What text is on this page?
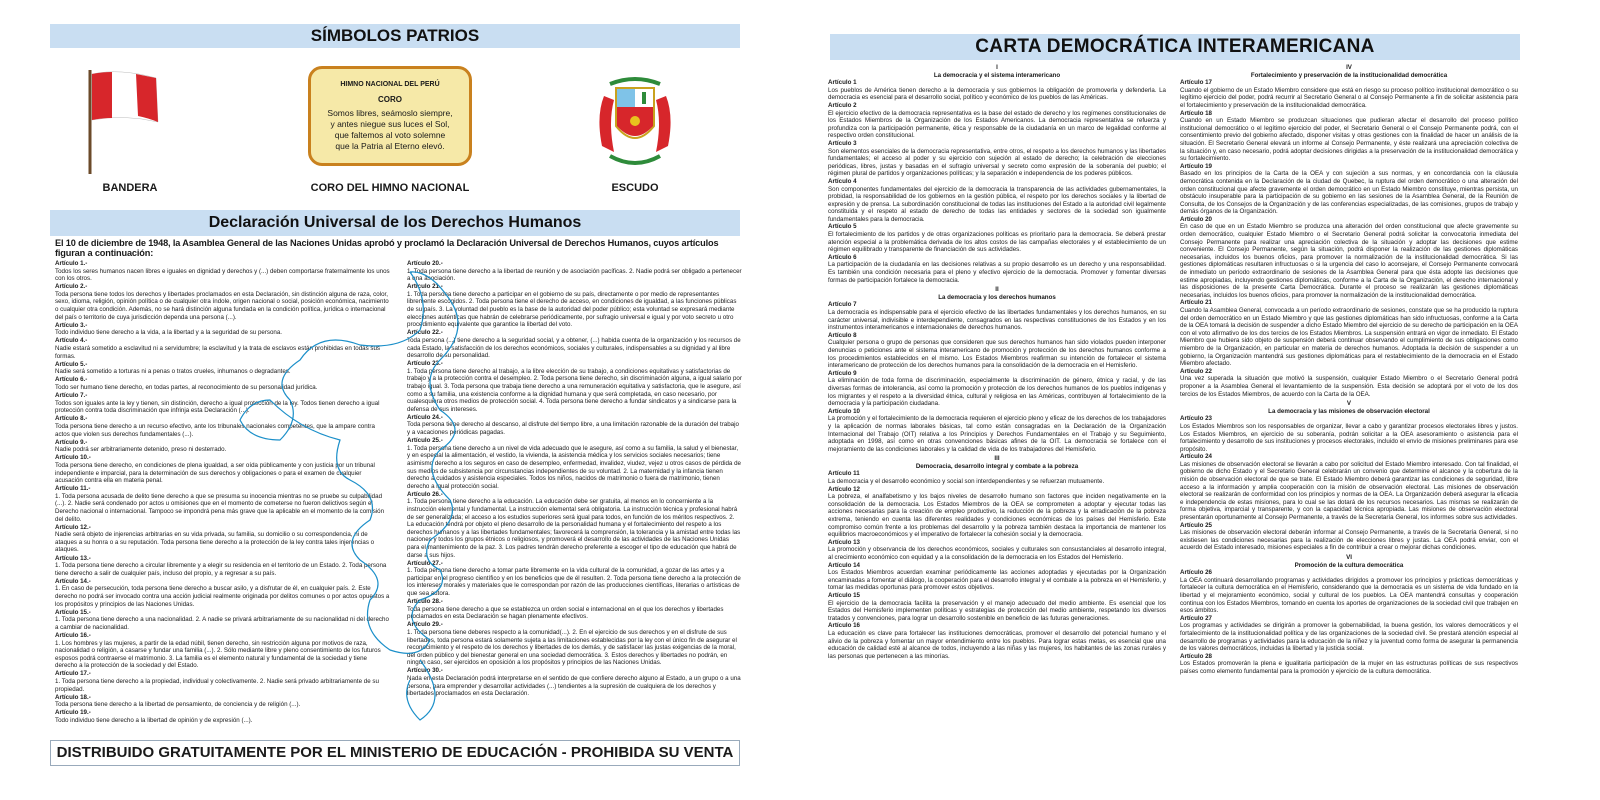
SÍMBOLOS PATRIOS
BANDERA
HIMNO NACIONAL DEL PERÚ
CORO
Somos libres, seámoslo siempre,
y antes niegue sus luces el Sol,
que faltemos al voto solemne
que la Patria al Eterno elevó.
CORO DEL HIMNO NACIONAL	ESCUDO
Declaración Universal de los Derechos Humanos
El 10 de diciembre de 1948, la Asamblea General de las Naciones Unidas aprobó y proclamó la Declaración Universal de Derechos Humanos, cuyos artículos figuran a continuación:
Artículo 1.-
Todos los seres humanos nacen libres e iguales en dignidad y derechos y (...) deben comportarse fraternalmente los unos con los otros.
Artículo 2.-
Toda persona tiene todos los derechos y libertades proclamados en esta Declaración, sin distinción alguna de raza, color, sexo, idioma, religión, opinión política o de cualquier otra índole, origen nacional o social, posición económica, nacimiento o cualquier otra condición. Además, no se hará distinción alguna fundada en la condición política, jurídica o internacional del país o territorio de cuya jurisdicción dependa una persona (...).
Artículo 3.-
Todo individuo tiene derecho a la vida, a la libertad y a la seguridad de su persona.
Artículo 4.-
Nadie estará sometido a esclavitud ni a servidumbre; la esclavitud y la trata de esclavos están prohibidas en todas sus formas.
Artículo 5.-
Nadie será sometido a torturas ni a penas o tratos crueles, inhumanos o degradantes.
Artículo 6.-
Todo ser humano tiene derecho, en todas partes, al reconocimiento de su personalidad jurídica.
Artículo 7.-
Todos son iguales ante la ley y tienen, sin distinción, derecho a igual protección de la ley. Todos tienen derecho a igual protección contra toda discriminación que infrinja esta Declaración (...).
Artículo 8.-
Toda persona tiene derecho a un recurso efectivo, ante los tribunales nacionales competentes, que la ampare contra actos que violen sus derechos fundamentales (...).
Artículo 9.-
Nadie podrá ser arbitrariamente detenido, preso ni desterrado.
Artículo 10.-
Toda persona tiene derecho, en condiciones de plena igualdad, a ser oída públicamente y con justicia por un tribunal independiente e imparcial, para la determinación de sus derechos y obligaciones o para el examen de cualquier acusación contra ella en materia penal.
Artículo 11.-
1. Toda persona acusada de delito tiene derecho a que se presuma su inocencia mientras no se pruebe su culpabilidad (...). 2. Nadie será condenado por actos u omisiones que en el momento de cometerse no fueron delictivos según el Derecho nacional o internacional. Tampoco se impondrá pena más grave que la aplicable en el momento de la comisión del delito.
Artículo 12.-
Nadie será objeto de injerencias arbitrarias en su vida privada, su familia, su domicilio o su correspondencia, ni de ataques a su honra o a su reputación. Toda persona tiene derecho a la protección de la ley contra tales injerencias o ataques.
Artículo 13.-
1. Toda persona tiene derecho a circular libremente y a elegir su residencia en el territorio de un Estado. 2. Toda persona tiene derecho a salir de cualquier país, incluso del propio, y a regresar a su país.
Artículo 14.-
1. En caso de persecución, toda persona tiene derecho a buscar asilo, y a disfrutar de él, en cualquier país. 2. Este derecho no podrá ser invocado contra una acción judicial realmente originada por delitos comunes o por actos opuestos a los propósitos y principios de las Naciones Unidas.
Artículo 15.-
1. Toda persona tiene derecho a una nacionalidad. 2. A nadie se privará arbitrariamente de su nacionalidad ni del derecho a cambiar de nacionalidad.
Artículo 16.-
1. Los hombres y las mujeres, a partir de la edad núbil, tienen derecho, sin restricción alguna por motivos de raza, nacionalidad o religión, a casarse y fundar una familia (...). 2. Sólo mediante libre y pleno consentimiento de los futuros esposos podrá contraerse el matrimonio. 3. La familia es el elemento natural y fundamental de la sociedad y tiene derecho a la protección de la sociedad y del Estado.
Artículo 17.-
1. Toda persona tiene derecho a la propiedad, individual y colectivamente. 2. Nadie será privado arbitrariamente de su propiedad.
Artículo 18.-
Toda persona tiene derecho a la libertad de pensamiento, de conciencia y de religión (...).
Artículo 19.-
Todo individuo tiene derecho a la libertad de opinión y de expresión (...).
Artículo 20.-
1. Toda persona tiene derecho a la libertad de reunión y de asociación pacíficas. 2. Nadie podrá ser obligado a pertenecer a una asociación.
Artículo 21.-
1. Toda persona tiene derecho a participar en el gobierno de su país, directamente o por medio de representantes libremente escogidos. 2. Toda persona tiene el derecho de acceso, en condiciones de igualdad, a las funciones públicas de su país. 3. La voluntad del pueblo es la base de la autoridad del poder público; esta voluntad se expresará mediante elecciones auténticas que habrán de celebrarse periódicamente, por sufragio universal e igual y por voto secreto u otro procedimiento equivalente que garantice la libertad del voto.
Artículo 22.-
Toda persona (...) tiene derecho a la seguridad social, y a obtener, (...) habida cuenta de la organización y los recursos de cada Estado, la satisfacción de los derechos económicos, sociales y culturales, indispensables a su dignidad y al libre desarrollo de su personalidad.
Artículo 23.-
1. Toda persona tiene derecho al trabajo, a la libre elección de su trabajo, a condiciones equitativas y satisfactorias de trabajo y a la protección contra el desempleo. 2. Toda persona tiene derecho, sin discriminación alguna, a igual salario por trabajo igual. 3. Toda persona que trabaja tiene derecho a una remuneración equitativa y satisfactoria, que le asegure, así como a su familia, una existencia conforme a la dignidad humana y que será completada, en caso necesario, por cualesquiera otros medios de protección social. 4. Toda persona tiene derecho a fundar sindicatos y a sindicarse para la defensa de sus intereses.
Artículo 24.-
Toda persona tiene derecho al descanso, al disfrute del tiempo libre, a una limitación razonable de la duración del trabajo y a vacaciones periódicas pagadas.
Artículo 25.-
1. Toda persona tiene derecho a un nivel de vida adecuado que le asegure, así como a su familia, la salud y el bienestar, y en especial la alimentación, el vestido, la vivienda, la asistencia médica y los servicios sociales necesarios; tiene asimismo derecho a los seguros en caso de desempleo, enfermedad, invalidez, viudez, vejez u otros casos de pérdida de sus medios de subsistencia por circunstancias independientes de su voluntad. 2. La maternidad y la infancia tienen derecho a cuidados y asistencia especiales. Todos los niños, nacidos de matrimonio o fuera de matrimonio, tienen derecho a igual protección social.
Artículo 26.-
1. Toda persona tiene derecho a la educación. La educación debe ser gratuita, al menos en lo concerniente a la instrucción elemental y fundamental. La instrucción elemental será obligatoria. La instrucción técnica y profesional habrá de ser generalizada; el acceso a los estudios superiores será igual para todos, en función de los méritos respectivos. 2. La educación tendrá por objeto el pleno desarrollo de la personalidad humana y el fortalecimiento del respeto a los derechos humanos y a las libertades fundamentales; favorecerá la comprensión, la tolerancia y la amistad entre todas las naciones y todos los grupos étnicos o religiosos, y promoverá el desarrollo de las actividades de las Naciones Unidas para el mantenimiento de la paz. 3. Los padres tendrán derecho preferente a escoger el tipo de educación que habrá de darse a sus hijos.
Artículo 27.-
1. Toda persona tiene derecho a tomar parte libremente en la vida cultural de la comunidad, a gozar de las artes y a participar en el progreso científico y en los beneficios que de él resulten. 2. Toda persona tiene derecho a la protección de los intereses morales y materiales que le correspondan por razón de las producciones científicas, literarias o artísticas de que sea autora.
Artículo 28.-
Toda persona tiene derecho a que se establezca un orden social e internacional en el que los derechos y libertades proclamados en esta Declaración se hagan plenamente efectivos.
Artículo 29.-
1. Toda persona tiene deberes respecto a la comunidad(...). 2. En el ejercicio de sus derechos y en el disfrute de sus libertades, toda persona estará solamente sujeta a las limitaciones establecidas por la ley con el único fin de asegurar el reconocimiento y el respeto de los derechos y libertades de los demás, y de satisfacer las justas exigencias de la moral, del orden público y del bienestar general en una sociedad democrática. 3. Estos derechos y libertades no podrán, en ningún caso, ser ejercidos en oposición a los propósitos y principios de las Naciones Unidas.
Artículo 30.-
Nada en esta Declaración podrá interpretarse en el sentido de que confiere derecho alguno al Estado, a un grupo o a una persona, para emprender y desarrollar actividades (...) tendientes a la supresión de cualquiera de los derechos y libertades proclamados en esta Declaración.
DISTRIBUIDO GRATUITAMENTE POR EL MINISTERIO DE EDUCACIÓN - PROHIBIDA SU VENTA
CARTA DEMOCRÁTICA INTERAMERICANA
I
La democracia y el sistema interamericano
Artículo 1
Los pueblos de América tienen derecho a la democracia y sus gobiernos la obligación de promoverla y defenderla. La democracia es esencial para el desarrollo social, político y económico de los pueblos de las Américas.
Artículo 2
El ejercicio efectivo de la democracia representativa es la base del estado de derecho y los regímenes constitucionales de los Estados Miembros de la Organización de los Estados Americanos. La democracia representativa se refuerza y profundiza con la participación permanente, ética y responsable de la ciudadanía en un marco de legalidad conforme al respectivo orden constitucional.
Artículo 3
Son elementos esenciales de la democracia representativa, entre otros, el respeto a los derechos humanos y las libertades fundamentales; el acceso al poder y su ejercicio con sujeción al estado de derecho; la celebración de elecciones periódicas, libres, justas y basadas en el sufragio universal y secreto como expresión de la soberanía del pueblo; el régimen plural de partidos y organizaciones políticas; y la separación e independencia de los poderes públicos.
Artículo 4
Son componentes fundamentales del ejercicio de la democracia la transparencia de las actividades gubernamentales, la probidad, la responsabilidad de los gobiernos en la gestión pública, el respeto por los derechos sociales y la libertad de expresión y de prensa. La subordinación constitucional de todas las instituciones del Estado a la autoridad civil legalmente constituida y el respeto al estado de derecho de todas las entidades y sectores de la sociedad son igualmente fundamentales para la democracia.
Artículo 5
El fortalecimiento de los partidos y de otras organizaciones políticas es prioritario para la democracia. Se deberá prestar atención especial a la problemática derivada de los altos costos de las campañas electorales y el establecimiento de un régimen equilibrado y transparente de financiación de sus actividades.
Artículo 6
La participación de la ciudadanía en las decisiones relativas a su propio desarrollo es un derecho y una responsabilidad. Es también una condición necesaria para el pleno y efectivo ejercicio de la democracia. Promover y fomentar diversas formas de participación fortalece la democracia.
II
La democracia y los derechos humanos
Artículo 7
La democracia es indispensable para el ejercicio efectivo de las libertades fundamentales y los derechos humanos, en su carácter universal, indivisible e interdependiente, consagrados en las respectivas constituciones de los Estados y en los instrumentos interamericanos e internacionales de derechos humanos.
Artículo 8
Cualquier persona o grupo de personas que consideren que sus derechos humanos han sido violados pueden interponer denuncias o peticiones ante el sistema interamericano de promoción y protección de los derechos humanos conforme a los procedimientos establecidos en el mismo. Los Estados Miembros reafirman su intención de fortalecer el sistema interamericano de protección de los derechos humanos para la consolidación de la democracia en el Hemisferio.
Artículo 9
La eliminación de toda forma de discriminación, especialmente la discriminación de género, étnica y racial, y de las diversas formas de intolerancia, así como la promoción y protección de los derechos humanos de los pueblos indígenas y los migrantes y el respeto a la diversidad étnica, cultural y religiosa en las Américas, contribuyen al fortalecimiento de la democracia y la participación ciudadana.
Artículo 10
La promoción y el fortalecimiento de la democracia requieren el ejercicio pleno y eficaz de los derechos de los trabajadores y la aplicación de normas laborales básicas, tal como están consagradas en la Declaración de la Organización Internacional del Trabajo (OIT) relativa a los Principios y Derechos Fundamentales en el Trabajo y su Seguimiento, adoptada en 1998, así como en otras convenciones básicas afines de la OIT. La democracia se fortalece con el mejoramiento de las condiciones laborales y la calidad de vida de los trabajadores del Hemisferio.
III
Democracia, desarrollo integral y combate a la pobreza
Artículo 11
La democracia y el desarrollo económico y social son interdependientes y se refuerzan mutuamente.
Artículo 12
La pobreza, el analfabetismo y los bajos niveles de desarrollo humano son factores que inciden negativamente en la consolidación de la democracia. Los Estados Miembros de la OEA se comprometen a adoptar y ejecutar todas las acciones necesarias para la creación de empleo productivo, la reducción de la pobreza y la erradicación de la pobreza extrema, teniendo en cuenta las diferentes realidades y condiciones económicas de los países del Hemisferio. Este compromiso común frente a los problemas del desarrollo y la pobreza también destaca la importancia de mantener los equilibrios macroeconómicos y el imperativo de fortalecer la cohesión social y la democracia.
Artículo 13
La promoción y observancia de los derechos económicos, sociales y culturales son consustanciales al desarrollo integral, al crecimiento económico con equidad y a la consolidación de la democracia en los Estados del Hemisferio.
Artículo 14
Los Estados Miembros acuerdan examinar periódicamente las acciones adoptadas y ejecutadas por la Organización encaminadas a fomentar el diálogo, la cooperación para el desarrollo integral y el combate a la pobreza en el Hemisferio, y tomar las medidas oportunas para promover estos objetivos.
Artículo 15
El ejercicio de la democracia facilita la preservación y el manejo adecuado del medio ambiente. Es esencial que los Estados del Hemisferio implementen políticas y estrategias de protección del medio ambiente, respetando los diversos tratados y convenciones, para lograr un desarrollo sostenible en beneficio de las futuras generaciones.
Artículo 16
La educación es clave para fortalecer las instituciones democráticas, promover el desarrollo del potencial humano y el alivio de la pobreza y fomentar un mayor entendimiento entre los pueblos. Para lograr estas metas, es esencial que una educación de calidad esté al alcance de todos, incluyendo a las niñas y las mujeres, los habitantes de las zonas rurales y las personas que pertenecen a las minorías.
IV
Fortalecimiento y preservación de la institucionalidad democrática
Artículo 17
Cuando el gobierno de un Estado Miembro considere que está en riesgo su proceso político institucional democrático o su legítimo ejercicio del poder, podrá recurrir al Secretario General o al Consejo Permanente a fin de solicitar asistencia para el fortalecimiento y preservación de la institucionalidad democrática.
Artículo 18
Cuando en un Estado Miembro se produzcan situaciones que pudieran afectar el desarrollo del proceso político institucional democrático o el legítimo ejercicio del poder, el Secretario General o el Consejo Permanente podrá, con el consentimiento previo del gobierno afectado, disponer visitas y otras gestiones con la finalidad de hacer un análisis de la situación. El Secretario General elevará un informe al Consejo Permanente, y éste realizará una apreciación colectiva de la situación y, en caso necesario, podrá adoptar decisiones dirigidas a la preservación de la institucionalidad democrática y su fortalecimiento.
Artículo 19
Basado en los principios de la Carta de la OEA y con sujeción a sus normas, y en concordancia con la cláusula democrática contenida en la Declaración de la ciudad de Quebec, la ruptura del orden democrático o una alteración del orden constitucional que afecte gravemente el orden democrático en un Estado Miembro constituye, mientras persista, un obstáculo insuperable para la participación de su gobierno en las sesiones de la Asamblea General, de la Reunión de Consulta, de los Consejos de la Organización y de las conferencias especializadas, de las comisiones, grupos de trabajo y demás órganos de la Organización.
Artículo 20
En caso de que en un Estado Miembro se produzca una alteración del orden constitucional que afecte gravemente su orden democrático, cualquier Estado Miembro o el Secretario General podrá solicitar la convocatoria inmediata del Consejo Permanente para realizar una apreciación colectiva de la situación y adoptar las decisiones que estime conveniente. El Consejo Permanente, según la situación, podrá disponer la realización de las gestiones diplomáticas necesarias, incluidos los buenos oficios, para promover la normalización de la institucionalidad democrática. Si las gestiones diplomáticas resultaren infructuosas o si la urgencia del caso lo aconsejare, el Consejo Permanente convocará de inmediato un período extraordinario de sesiones de la Asamblea General para que ésta adopte las decisiones que estime apropiadas, incluyendo gestiones diplomáticas, conforme a la Carta de la Organización, el derecho internacional y las disposiciones de la presente Carta Democrática. Durante el proceso se realizarán las gestiones diplomáticas necesarias, incluidos los buenos oficios, para promover la normalización de la institucionalidad democrática.
Artículo 21
Cuando la Asamblea General, convocada a un período extraordinario de sesiones, constate que se ha producido la ruptura del orden democrático en un Estado Miembro y que las gestiones diplomáticas han sido infructuosas, conforme a la Carta de la OEA tomará la decisión de suspender a dicho Estado Miembro del ejercicio de su derecho de participación en la OEA con el voto afirmativo de los dos tercios de los Estados Miembros. La suspensión entrará en vigor de inmediato. El Estado Miembro que hubiera sido objeto de suspensión deberá continuar observando el cumplimiento de sus obligaciones como miembro de la Organización, en particular en materia de derechos humanos. Adoptada la decisión de suspender a un gobierno, la Organización mantendrá sus gestiones diplomáticas para el restablecimiento de la democracia en el Estado Miembro afectado.
Artículo 22
Una vez superada la situación que motivó la suspensión, cualquier Estado Miembro o el Secretario General podrá proponer a la Asamblea General el levantamiento de la suspensión. Esta decisión se adoptará por el voto de los dos tercios de los Estados Miembros, de acuerdo con la Carta de la OEA.
V
La democracia y las misiones de observación electoral
Artículo 23
Los Estados Miembros son los responsables de organizar, llevar a cabo y garantizar procesos electorales libres y justos. Los Estados Miembros, en ejercicio de su soberanía, podrán solicitar a la OEA asesoramiento o asistencia para el fortalecimiento y desarrollo de sus instituciones y procesos electorales, incluido el envío de misiones preliminares para ese propósito.
Artículo 24
Las misiones de observación electoral se llevarán a cabo por solicitud del Estado Miembro interesado. Con tal finalidad, el gobierno de dicho Estado y el Secretario General celebrarán un convenio que determine el alcance y la cobertura de la misión de observación electoral de que se trate. El Estado Miembro deberá garantizar las condiciones de seguridad, libre acceso a la información y amplia cooperación con la misión de observación electoral. Las misiones de observación electoral se realizarán de conformidad con los principios y normas de la OEA. La Organización deberá asegurar la eficacia e independencia de estas misiones, para lo cual se las dotará de los recursos necesarios. Las mismas se realizarán de forma objetiva, imparcial y transparente, y con la capacidad técnica apropiada. Las misiones de observación electoral presentarán oportunamente al Consejo Permanente, a través de la Secretaría General, los informes sobre sus actividades.
Artículo 25
Las misiones de observación electoral deberán informar al Consejo Permanente, a través de la Secretaría General, si no existiesen las condiciones necesarias para la realización de elecciones libres y justas. La OEA podrá enviar, con el acuerdo del Estado interesado, misiones especiales a fin de contribuir a crear o mejorar dichas condiciones.
VI
Promoción de la cultura democrática
Artículo 26
La OEA continuará desarrollando programas y actividades dirigidos a promover los principios y prácticas democráticas y fortalecer la cultura democrática en el Hemisferio, considerando que la democracia es un sistema de vida fundado en la libertad y el mejoramiento económico, social y cultural de los pueblos. La OEA mantendrá consultas y cooperación continua con los Estados Miembros, tomando en cuenta los aportes de organizaciones de la sociedad civil que trabajen en esos ámbitos.
Artículo 27
Los programas y actividades se dirigirán a promover la gobernabilidad, la buena gestión, los valores democráticos y el fortalecimiento de la institucionalidad política y de las organizaciones de la sociedad civil. Se prestará atención especial al desarrollo de programas y actividades para la educación de la niñez y la juventud como forma de asegurar la permanencia de los valores democráticos, incluidas la libertad y la justicia social.
Artículo 28
Los Estados promoverán la plena e igualitaria participación de la mujer en las estructuras políticas de sus respectivos países como elemento fundamental para la promoción y ejercicio de la cultura democrática.
